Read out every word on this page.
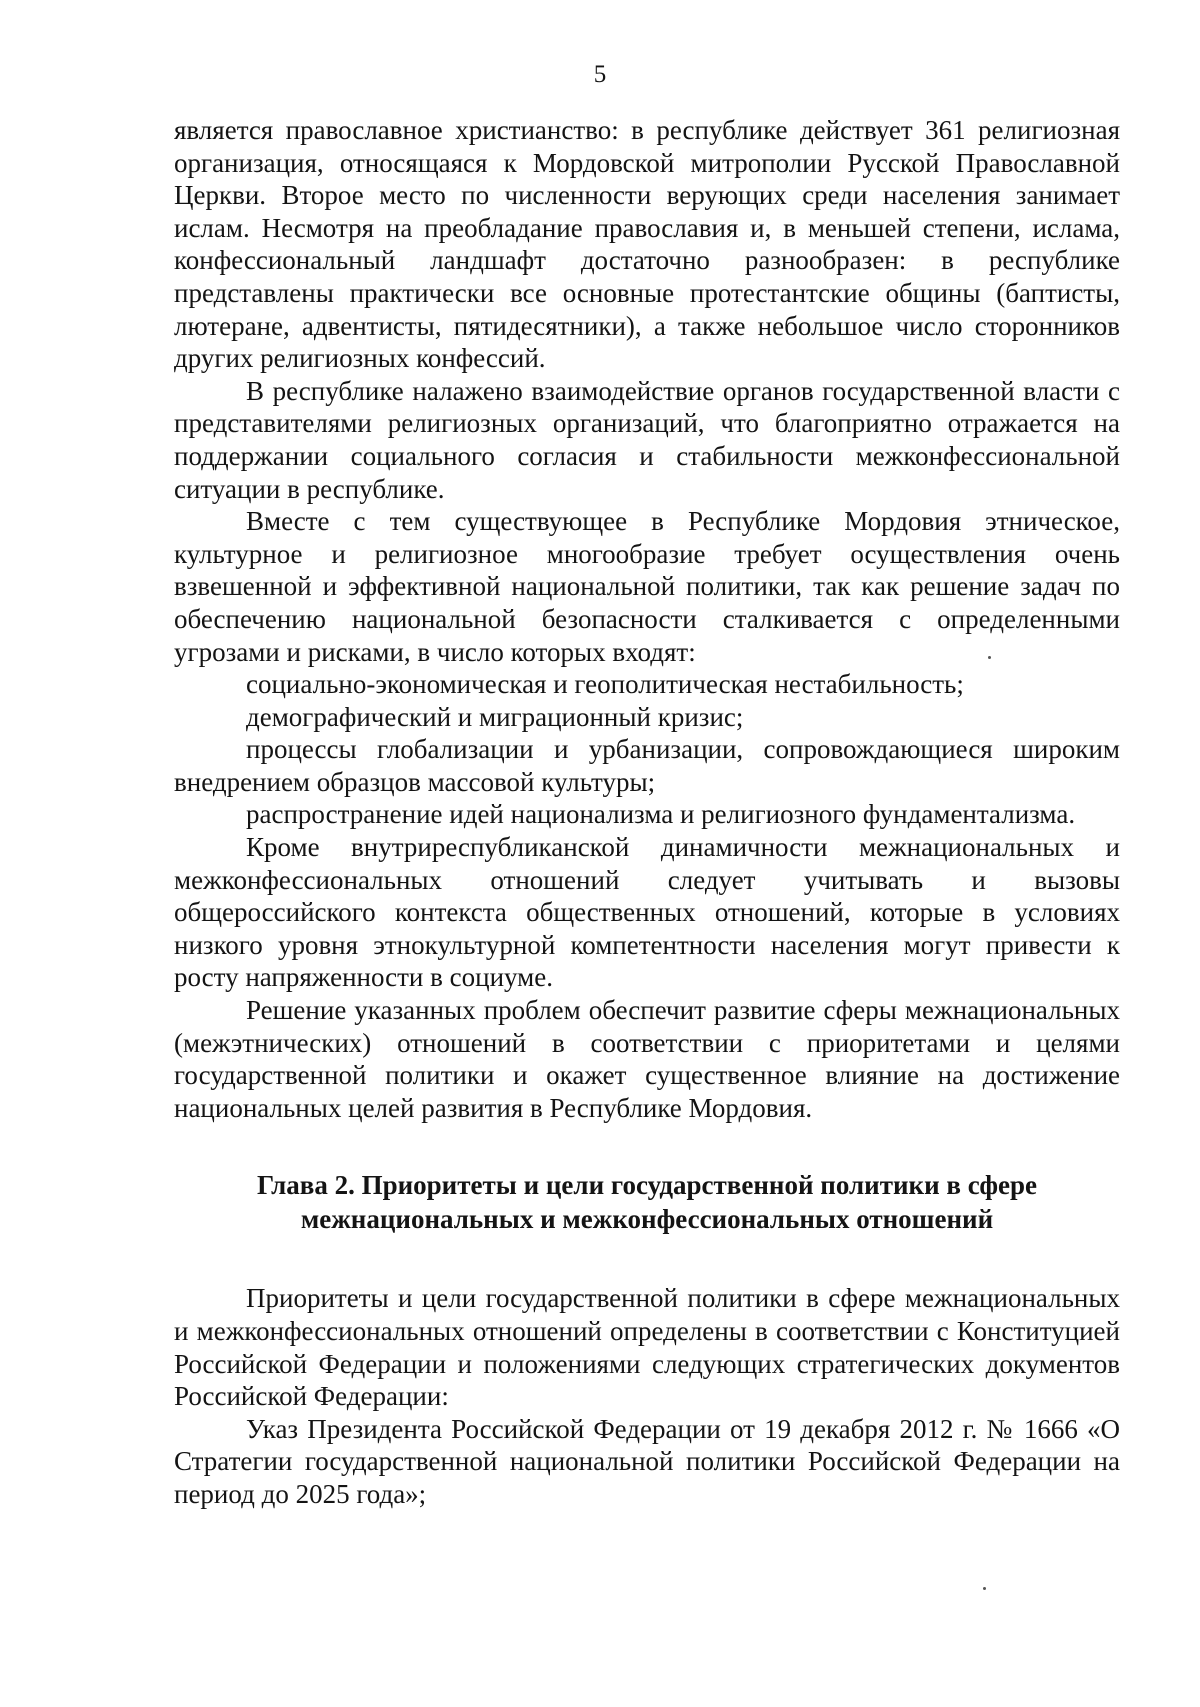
5

является православное христианство: в республике действует 361 религиозная организация, относящаяся к Мордовской митрополии Русской Православной Церкви. Второе место по численности верующих среди населения занимает ислам. Несмотря на преобладание православия и, в меньшей степени, ислама, конфессиональный ландшафт достаточно разнообразен: в республике представлены практически все основные протестантские общины (баптисты, лютеране, адвентисты, пятидесятники), а также небольшое число сторонников других религиозных конфессий.

В республике налажено взаимодействие органов государственной власти с представителями религиозных организаций, что благоприятно отражается на поддержании социального согласия и стабильности межконфессиональной ситуации в республике.

Вместе с тем существующее в Республике Мордовия этническое, культурное и религиозное многообразие требует осуществления очень взвешенной и эффективной национальной политики, так как решение задач по обеспечению национальной безопасности сталкивается с определенными угрозами и рисками, в число которых входят:

социально-экономическая и геополитическая нестабильность;

демографический и миграционный кризис;

процессы глобализации и урбанизации, сопровождающиеся широким внедрением образцов массовой культуры;

распространение идей национализма и религиозного фундаментализма.

Кроме внутриреспубликанской динамичности межнациональных и межконфессиональных отношений следует учитывать и вызовы общероссийского контекста общественных отношений, которые в условиях низкого уровня этнокультурной компетентности населения могут привести к росту напряженности в социуме.

Решение указанных проблем обеспечит развитие сферы межнациональных (межэтнических) отношений в соответствии с приоритетами и целями государственной политики и окажет существенное влияние на достижение национальных целей развития в Республике Мордовия.

Глава 2. Приоритеты и цели государственной политики в сфере
межнациональных и межконфессиональных отношений

Приоритеты и цели государственной политики в сфере межнациональных и межконфессиональных отношений определены в соответствии с Конституцией Российской Федерации и положениями следующих стратегических документов Российской Федерации:

Указ Президента Российской Федерации от 19 декабря 2012 г. № 1666 «О Стратегии государственной национальной политики Российской Федерации на период до 2025 года»;
